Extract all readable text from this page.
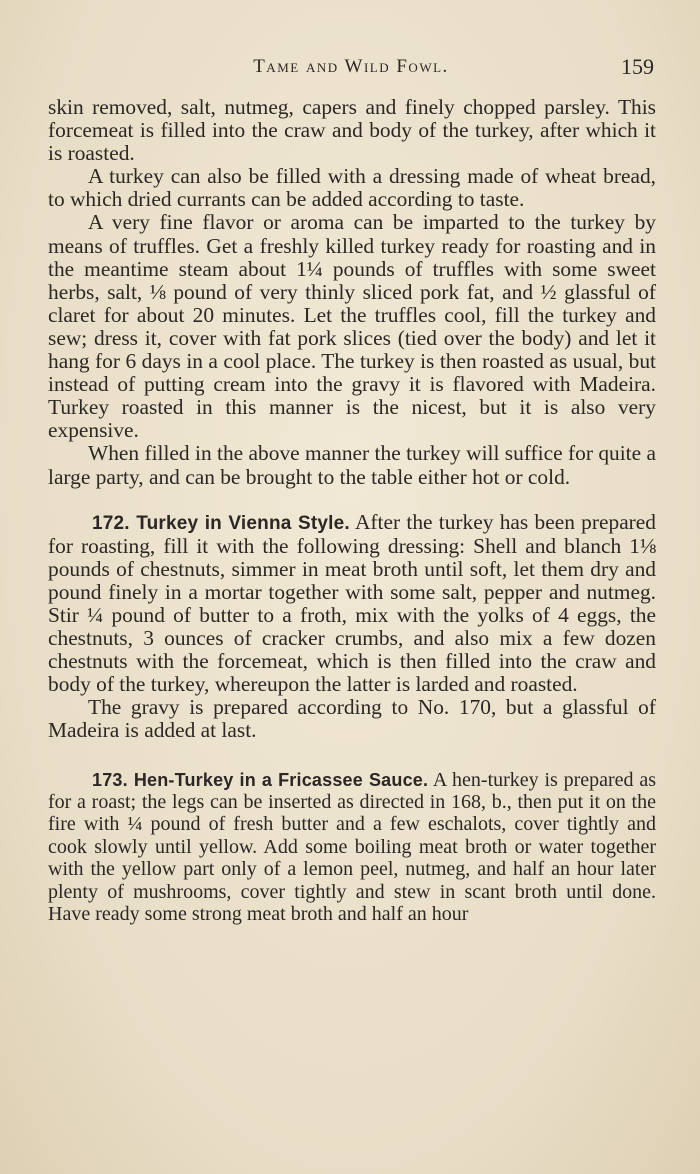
Tame and Wild Fowl.	159

skin removed, salt, nutmeg, capers and finely chopped parsley. This forcemeat is filled into the craw and body of the turkey, after which it is roasted.

A turkey can also be filled with a dressing made of wheat bread, to which dried currants can be added according to taste.

A very fine flavor or aroma can be imparted to the turkey by means of truffles. Get a freshly killed turkey ready for roasting and in the meantime steam about 1¼ pounds of truffles with some sweet herbs, salt, ⅛ pound of very thinly sliced pork fat, and ½ glassful of claret for about 20 minutes. Let the truffles cool, fill the turkey and sew; dress it, cover with fat pork slices (tied over the body) and let it hang for 6 days in a cool place. The turkey is then roasted as usual, but instead of putting cream into the gravy it is flavored with Madeira. Turkey roasted in this manner is the nicest, but it is also very expensive.

When filled in the above manner the turkey will suffice for quite a large party, and can be brought to the table either hot or cold.

172. Turkey in Vienna Style. After the turkey has been prepared for roasting, fill it with the following dressing: Shell and blanch 1⅛ pounds of chestnuts, simmer in meat broth until soft, let them dry and pound finely in a mortar together with some salt, pepper and nutmeg. Stir ¼ pound of butter to a froth, mix with the yolks of 4 eggs, the chestnuts, 3 ounces of cracker crumbs, and also mix a few dozen chestnuts with the forcemeat, which is then filled into the craw and body of the turkey, whereupon the latter is larded and roasted.

The gravy is prepared according to No. 170, but a glassful of Madeira is added at last.

173. Hen-Turkey in a Fricassee Sauce. A hen-turkey is prepared as for a roast; the legs can be inserted as directed in 168, b., then put it on the fire with ¼ pound of fresh butter and a few eschalots, cover tightly and cook slowly until yellow. Add some boiling meat broth or water together with the yellow part only of a lemon peel, nutmeg, and half an hour later plenty of mushrooms, cover tightly and stew in scant broth until done. Have ready some strong meat broth and half an hour
